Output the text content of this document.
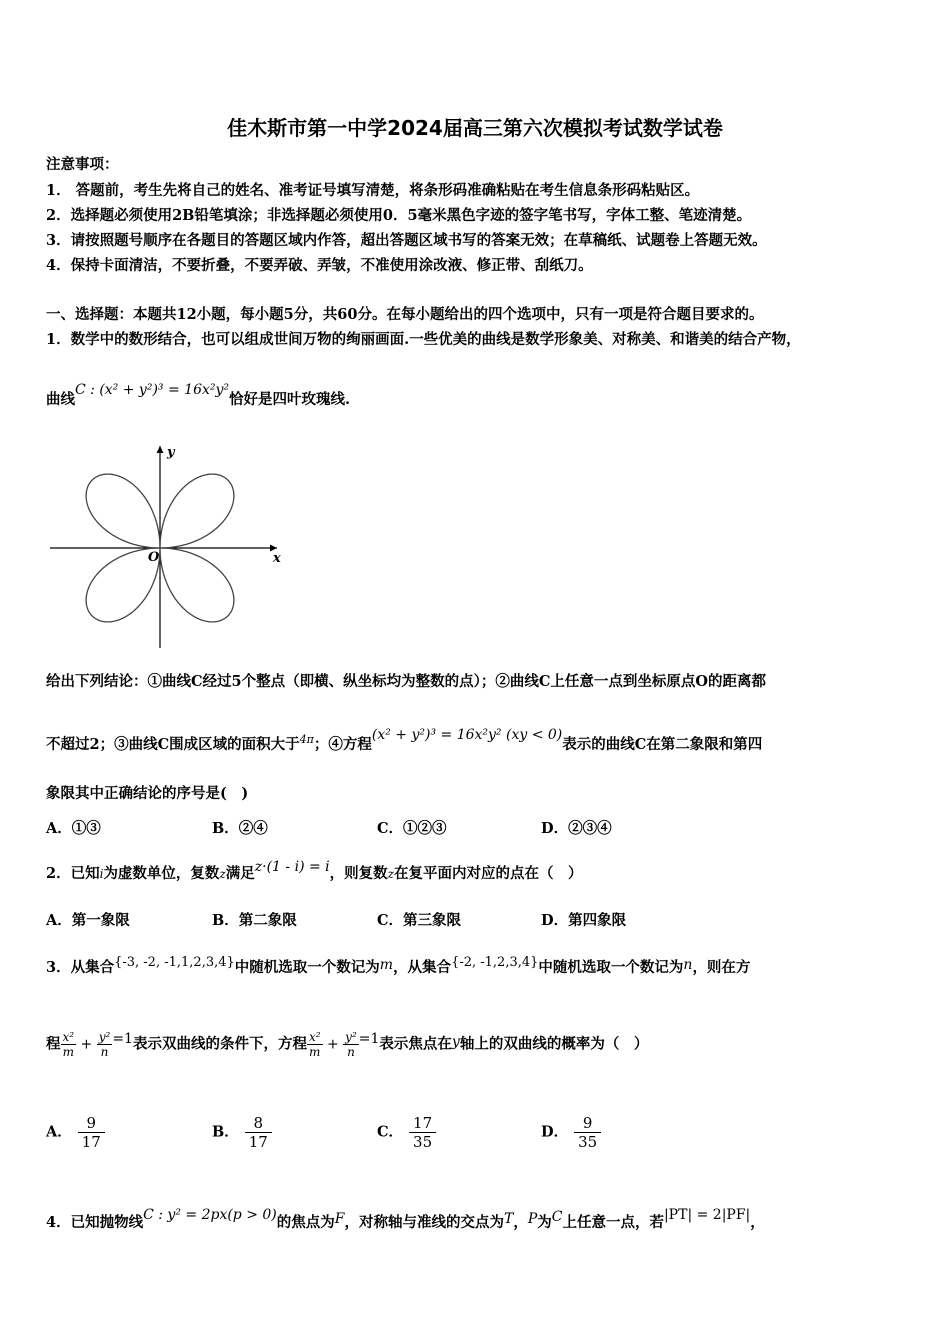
佳木斯市第一中学2024届高三第六次模拟考试数学试卷
注意事项：
1． 答题前，考生先将自己的姓名、准考证号填写清楚，将条形码准确粘贴在考生信息条形码粘贴区。
2．选择题必须使用2B铅笔填涂；非选择题必须使用0．5毫米黑色字迹的签字笔书写，字体工整、笔迹清楚。
3．请按照题号顺序在各题目的答题区域内作答，超出答题区域书写的答案无效；在草稿纸、试题卷上答题无效。
4．保持卡面清洁，不要折叠，不要弄破、弄皱，不准使用涂改液、修正带、刮纸刀。
一、选择题：本题共12小题，每小题5分，共60分。在每小题给出的四个选项中，只有一项是符合题目要求的。
1．数学中的数形结合，也可以组成世间万物的绚丽画面.一些优美的曲线是数学形象美、对称美、和谐美的结合产物，
曲线C : (x² + y²)³ = 16x²y²恰好是四叶玫瑰线.
y
x
O
给出下列结论：①曲线C经过5个整点（即横、纵坐标均为整数的点）；②曲线C上任意一点到坐标原点O的距离都
不超过2；③曲线C围成区域的面积大于$^{4\pi}$；④方程(x² + y²)³ = 16x²y² (xy < 0)表示的曲线C在第二象限和第四
象限其中正确结论的序号是(　)
A．①③	B．②④	C．①②③	D．②③④
2．已知i为虚数单位，复数z满足z·(1 - i) = i，则复数z在复平面内对应的点在（　）
A．第一象限	B．第二象限	C．第三象限	D．第四象限
3．从集合{-3, -2, -1,1,2,3,4}中随机选取一个数记为m，从集合{-2, -1,2,3,4}中随机选取一个数记为n，则在方
程 $\frac{\text{x²}}{m} + \frac{\text{y²}}{n} =1$表示双曲线的条件下，方程 $\frac{\text{x²}}{m} + \frac{\text{y²}}{n} =1$表示焦点在y轴上的双曲线的概率为（　）
A． $\frac{9}{17}$	B． $\frac{8}{17}$	C． $\frac{17}{35}$	D． $\frac{9}{35}$
4．已知抛物线C : y² = 2px(p > 0)的焦点为F，对称轴与准线的交点为T，P为C上任意一点，若|PT| = 2|PF|，
